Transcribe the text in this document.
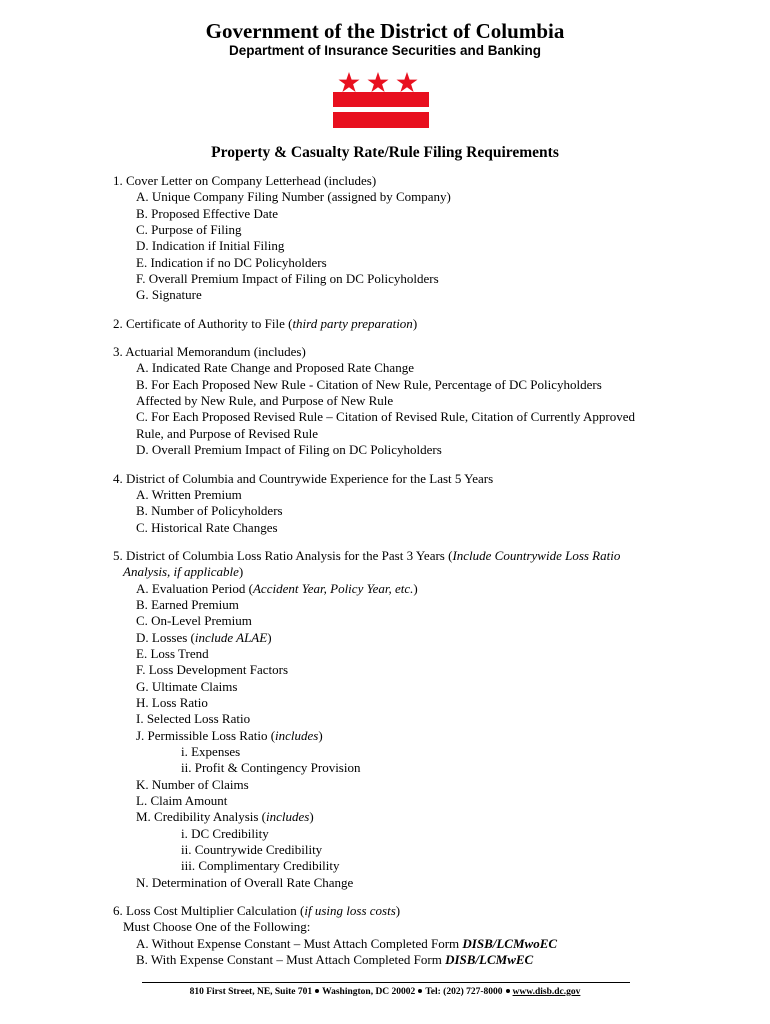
Government of the District of Columbia
Department of Insurance Securities and Banking
Property & Casualty Rate/Rule Filing Requirements
1. Cover Letter on Company Letterhead (includes)
A. Unique Company Filing Number (assigned by Company)
B. Proposed Effective Date
C. Purpose of Filing
D. Indication if Initial Filing
E. Indication if no DC Policyholders
F. Overall Premium Impact of Filing on DC Policyholders
G. Signature
2. Certificate of Authority to File (third party preparation)
3. Actuarial Memorandum (includes)
A. Indicated Rate Change and Proposed Rate Change
B. For Each Proposed New Rule - Citation of New Rule, Percentage of DC Policyholders
Affected by New Rule, and Purpose of New Rule
C. For Each Proposed Revised Rule – Citation of Revised Rule, Citation of Currently Approved
Rule, and Purpose of Revised Rule
D. Overall Premium Impact of Filing on DC Policyholders
4. District of Columbia and Countrywide Experience for the Last 5 Years
A. Written Premium
B. Number of Policyholders
C. Historical Rate Changes
5. District of Columbia Loss Ratio Analysis for the Past 3 Years (Include Countrywide Loss Ratio
Analysis, if applicable)
A. Evaluation Period (Accident Year, Policy Year, etc.)
B. Earned Premium
C. On-Level Premium
D. Losses (include ALAE)
E. Loss Trend
F. Loss Development Factors
G. Ultimate Claims
H. Loss Ratio
I. Selected Loss Ratio
J. Permissible Loss Ratio (includes)
i. Expenses
ii. Profit & Contingency Provision
K. Number of Claims
L. Claim Amount
M. Credibility Analysis (includes)
i. DC Credibility
ii. Countrywide Credibility
iii. Complimentary Credibility
N. Determination of Overall Rate Change
6. Loss Cost Multiplier Calculation (if using loss costs)
Must Choose One of the Following:
A. Without Expense Constant – Must Attach Completed Form DISB/LCMwoEC
B. With Expense Constant – Must Attach Completed Form DISB/LCMwEC
810 First Street, NE, Suite 701 Washington, DC 20002 Tel: (202) 727-8000 www.disb.dc.gov
